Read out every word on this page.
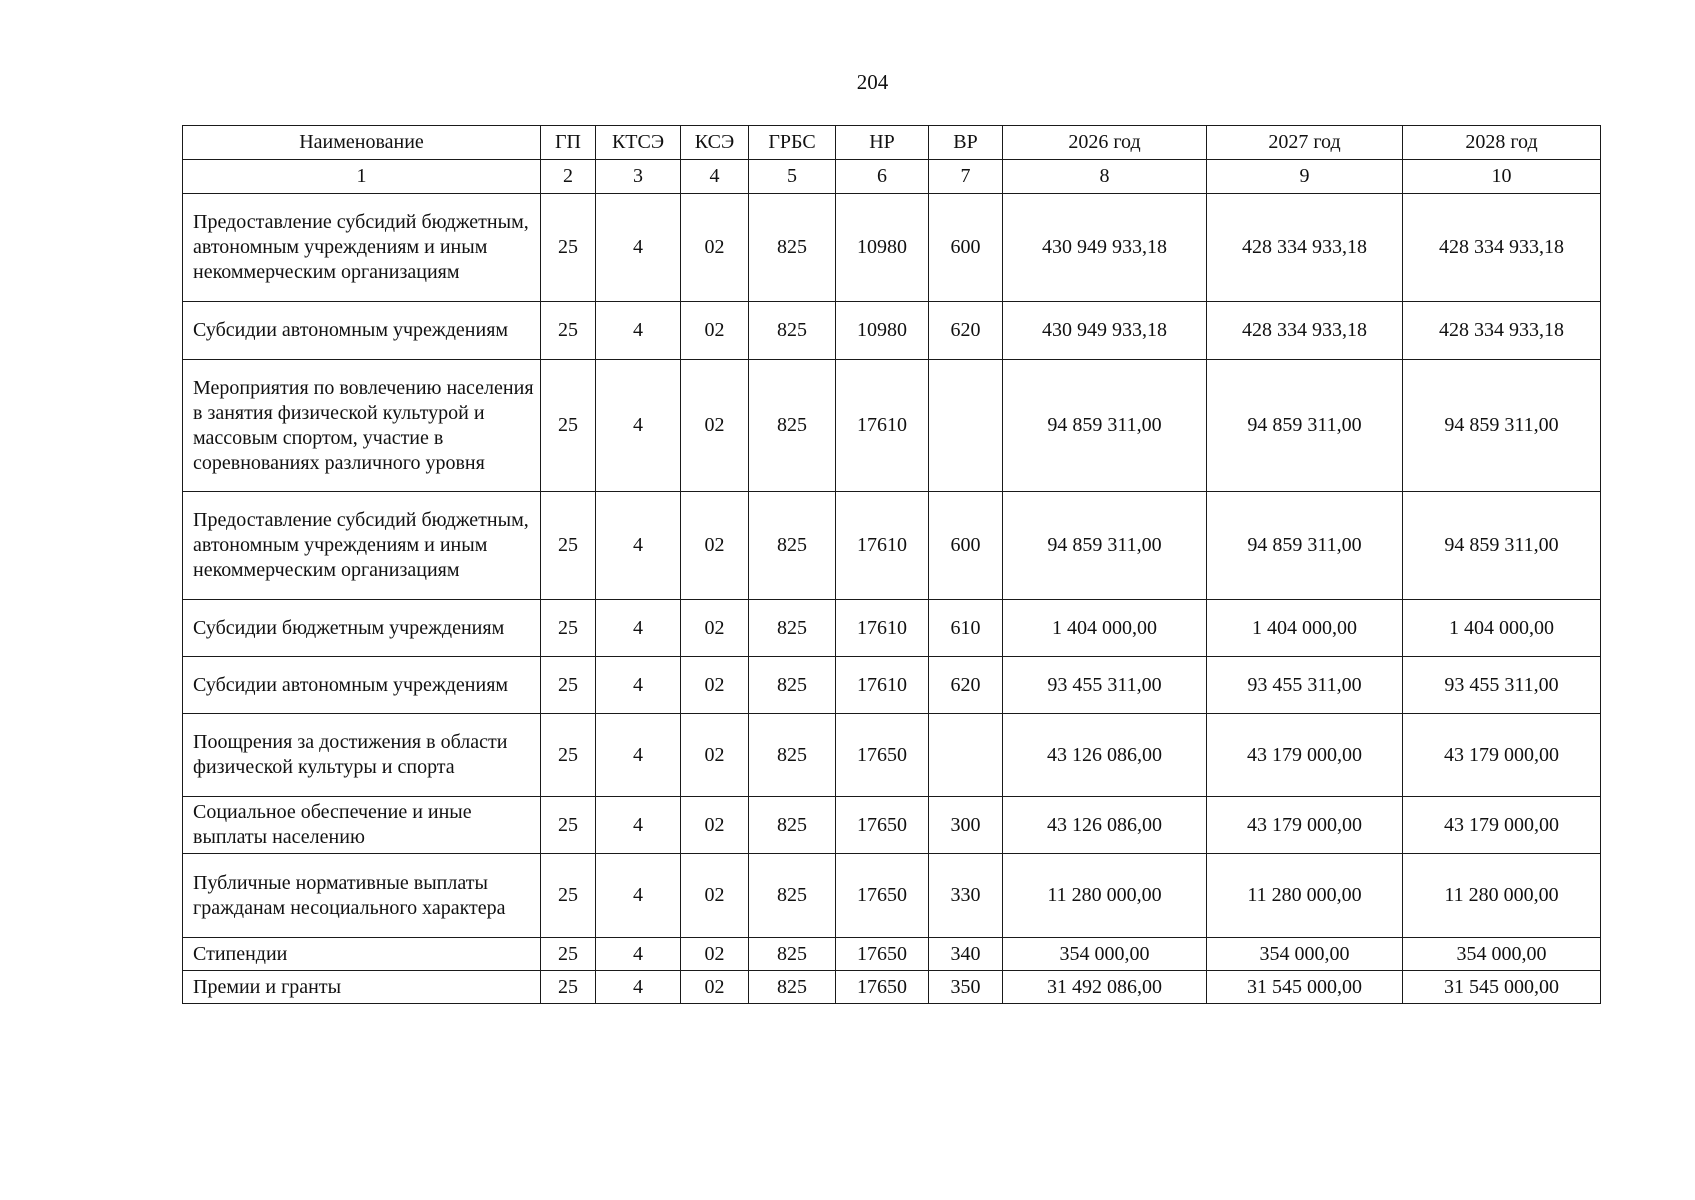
204
Наименование	ГП	КТСЭ	КСЭ	ГРБС	НР	ВР	2026 год	2027 год	2028 год
1	2	3	4	5	6	7	8	9	10
Предоставление субсидий бюджетным, автономным учреждениям и иным некоммерческим организациям	25	4	02	825	10980	600	430 949 933,18	428 334 933,18	428 334 933,18
Субсидии автономным учреждениям	25	4	02	825	10980	620	430 949 933,18	428 334 933,18	428 334 933,18
Мероприятия по вовлечению населения в занятия физической культурой и массовым спортом, участие в соревнованиях различного уровня	25	4	02	825	17610		94 859 311,00	94 859 311,00	94 859 311,00
Предоставление субсидий бюджетным, автономным учреждениям и иным некоммерческим организациям	25	4	02	825	17610	600	94 859 311,00	94 859 311,00	94 859 311,00
Субсидии бюджетным учреждениям	25	4	02	825	17610	610	1 404 000,00	1 404 000,00	1 404 000,00
Субсидии автономным учреждениям	25	4	02	825	17610	620	93 455 311,00	93 455 311,00	93 455 311,00
Поощрения за достижения в области физической культуры и спорта	25	4	02	825	17650		43 126 086,00	43 179 000,00	43 179 000,00
Социальное обеспечение и иные выплаты населению	25	4	02	825	17650	300	43 126 086,00	43 179 000,00	43 179 000,00
Публичные нормативные выплаты гражданам несоциального характера	25	4	02	825	17650	330	11 280 000,00	11 280 000,00	11 280 000,00
Стипендии	25	4	02	825	17650	340	354 000,00	354 000,00	354 000,00
Премии и гранты	25	4	02	825	17650	350	31 492 086,00	31 545 000,00	31 545 000,00
